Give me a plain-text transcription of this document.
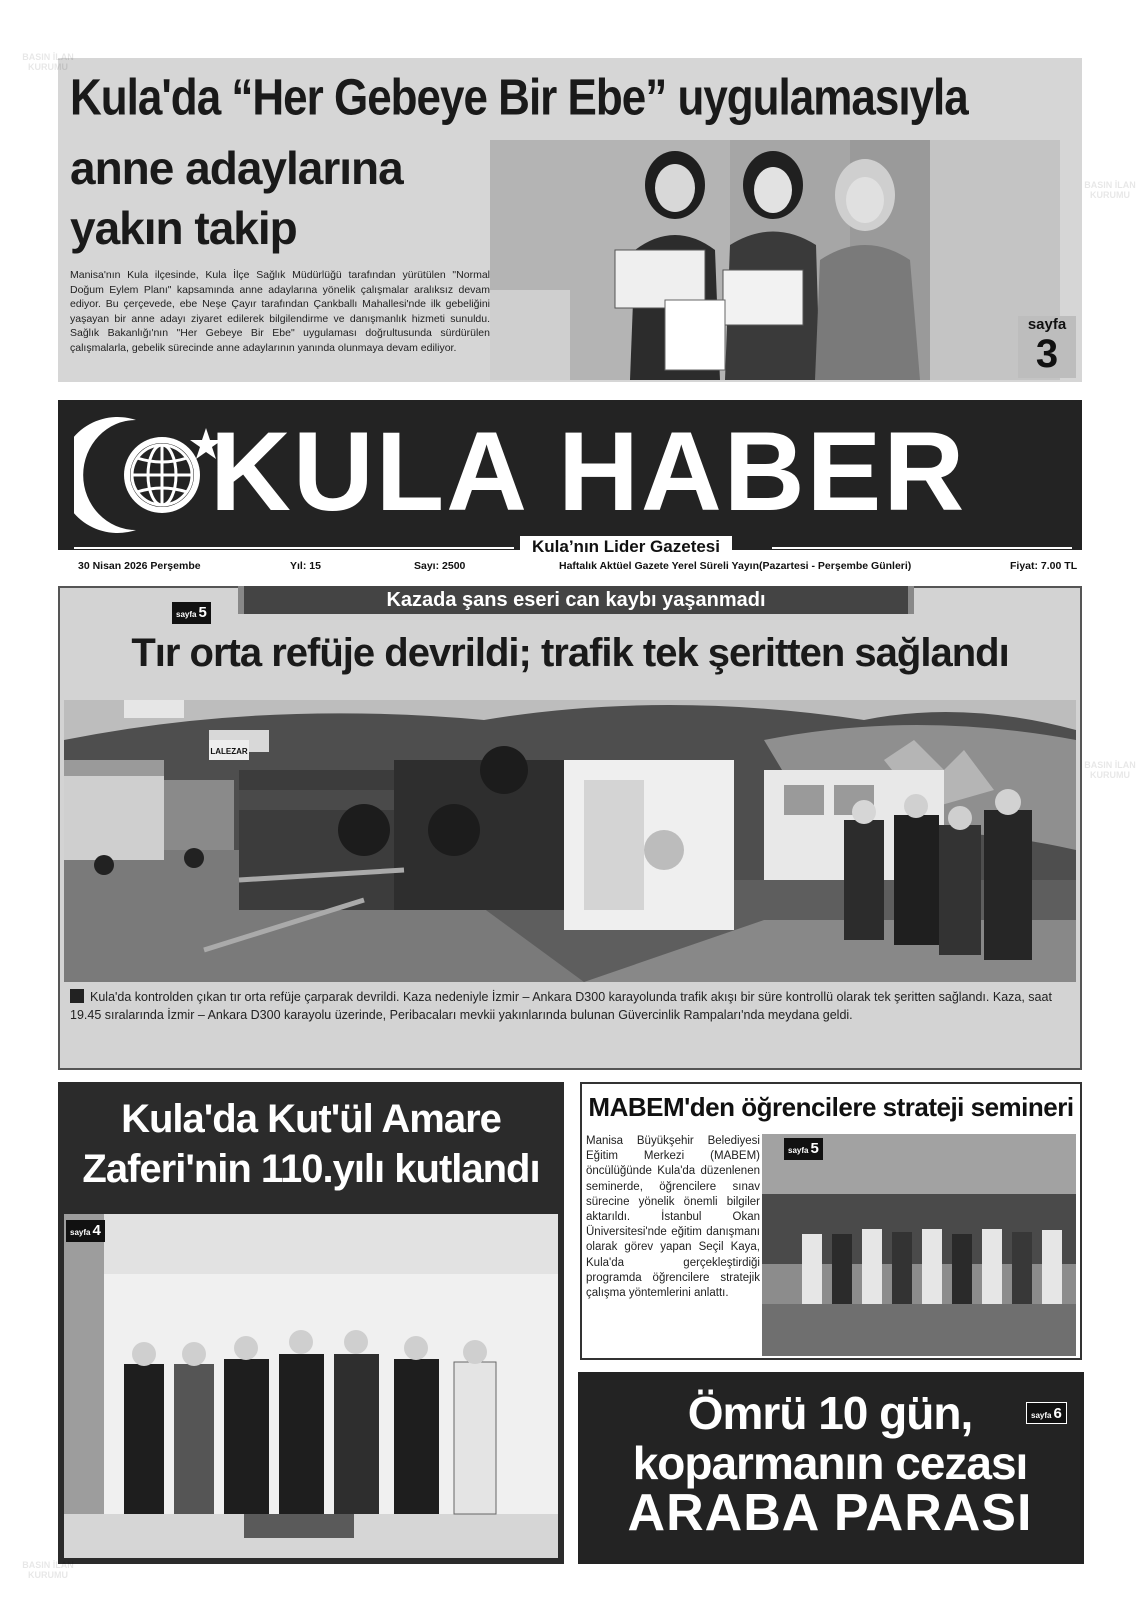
Kula'da “Her Gebeye Bir Ebe” uygulamasıyla
anne adaylarına yakın takip

Manisa'nın Kula ilçesinde, Kula İlçe Sağlık Müdürlüğü tarafından yürütülen "Normal Doğum Eylem Planı" kapsamında anne adaylarına yönelik çalışmalar aralıksız devam ediyor. Bu çerçevede, ebe Neşe Çayır tarafından Çankballı Mahallesi'nde ilk gebeliğini yaşayan bir anne adayı ziyaret edilerek bilgilendirme ve danışmanlık hizmeti sunuldu. Sağlık Bakanlığı'nın "Her Gebeye Bir Ebe" uygulaması doğrultusunda sürdürülen çalışmalarla, gebelik sürecinde anne adaylarının yanında olunmaya devam ediliyor.

sayfa
3
KULA HABER
Kula’nın Lider Gazetesi
30 Nisan 2026 Perşembe	Yıl: 15	Sayı: 2500	Haftalık Aktüel Gazete Yerel Süreli Yayın(Pazartesi - Perşembe Günleri)	Fiyat: 7.00 TL
Kazada şans eseri can kaybı yaşanmadı
sayfa 5
Tır orta refüje devrildi; trafik tek şeritten sağlandı
LALEZAR

Kula'da kontrolden çıkan tır orta refüje çarparak devrildi. Kaza nedeniyle İzmir – Ankara D300 karayolunda trafik akışı bir süre kontrollü olarak tek şeritten sağlandı. Kaza, saat 19.45 sıralarında İzmir – Ankara D300 karayolu üzerinde, Peribacaları mevkii yakınlarında bulunan Güvercinlik Rampaları'nda meydana geldi.

Kula'da Kut'ül Amare
Zaferi'nin 110.yılı kutlandı
sayfa 4
MABEM'den öğrencilere strateji semineri

Manisa Büyükşehir Belediyesi Eğitim Merkezi (MABEM) öncülüğünde Kula'da düzenlenen seminerde, öğrencilere sınav sürecine yönelik önemli bilgiler aktarıldı. İstanbul Okan Üniversitesi'nde eğitim danışmanı olarak görev yapan Seçil Kaya, Kula'da gerçekleştirdiği programda öğrencilere stratejik çalışma yöntemlerini anlattı.

sayfa 5
Ömrü 10 gün,
koparmanın cezası
ARABA PARASI
sayfa 6
BASIN İLAN KURUMU
BASIN İLAN KURUMU
BASIN İLAN KURUMU
BASIN İLAN KURUMU
